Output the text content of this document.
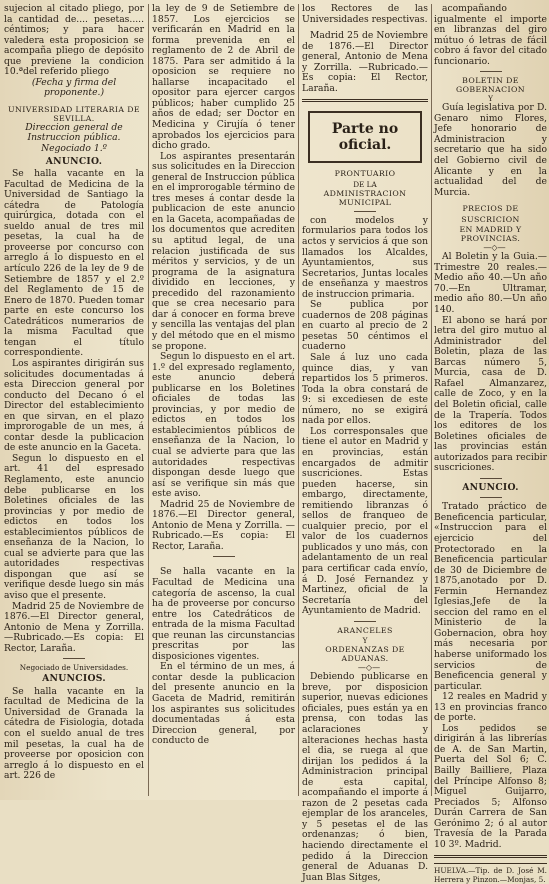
sujecion al citado pliego, por la cantidad de.... pesetas..... céntimos; y para hacer valedera esta proposicion se acompaña pliego de depósito que previene la condicion 10.ªdel referido pliego

(Fecha y firma del proponente.)

UNIVERSIDAD LITERARIA DE

SEVILLA.

Direccion general de Instruccion pública.

Negociado 1.º

ANUNCIO.

Se halla vacante en la Facultad de Medicina de la Universidad de Santiago la cátedra de Patología quirúrgica, dotada con el sueldo anual de tres mil pesetas, la cual ha de proveerse por concurso con arreglo á lo dispuesto en el artículo 226 de la ley de 9 de Setiembre de 1857 y el 2.º del Reglamento de 15 de Enero de 1870. Pueden tomar parte en este concurso los Catedráticos numerarios de la misma Facultad que tengan el título correspondiente.

Los aspirantes dirigirán sus solicitudes documentadas á esta Direccion general por conducto del Decano ó el Director del establecimiento en que sirvan, en el plazo improrogable de un mes, á contar desde la publicacion de este anuncio en la Gaceta.

Segun lo dispuesto en el art. 41 del espresado Reglamento, este anuncio debe publicarse en los Boletines oficiales de las provincias y por medio de edictos en todos los establecimientos públicos de enseñanza de la Nacion, lo cual se advierte para que las autoridades respectivas dispongan que así se verifique desde luego sin más aviso que el presente.

Madrid 25 de Noviembre de 1876.—El Director general, Antonio de Mena y Zorrilla. —Rubricado.—Es copia: El Rector, Laraña.

Negociado de Universidades.

ANUNCIOS.

Se halla vacante en la facultad de Medicina de la Universidad de Granada la cátedra de Fisiologia, dotada con el sueldo anual de tres mil pesetas, la cual ha de proveerse por oposicion con arreglo á lo dispuesto en el art. 226 de

la ley de 9 de Setiembre de 1857. Los ejercicios se verificarán en Madrid en la forma prevenida en el reglamento de 2 de Abril de 1875. Para ser admitido á la oposicion se requiere no hallarse incapacitado el opositor para ejercer cargos públicos; haber cumplido 25 años de edad; ser Doctor en Medicina y Cirujía ó tener aprobados los ejercicios para dicho grado.

Los aspirantes presentarán sus solicitudes en la Direccion general de Instruccion pública en el improrogable término de tres meses á contar desde la publicacion de este anuncio en la Gaceta, acompañadas de los documentos que acrediten su aptitud legal, de una relacion justificada de sus méritos y servicios, y de un programa de la asignatura dividido en lecciones, y precedido del razonamiento que se crea necesario para dar á conocer en forma breve y sencilla las ventajas del plan y del método que en el mismo se propone.

Segun lo dispuesto en el art. 1.º del expresado reglamento, este anuncio deberá publicarse en los Boletines oficiales de todas las provincias, y por medio de edictos en todos los establecimientos públicos de enseñanza de la Nacion, lo cual se advierte para que las autoridades respectivas dispongan desde luego que así se verifique sin más que este aviso.

Madrid 25 de Noviembre de 1876.—El Director general, Antonio de Mena y Zorrilla. —Rubricado.—Es copia: El Rector, Laraña.

Se halla vacante en la Facultad de Medicina una categoría de ascenso, la cual ha de proveerse por concurso entre los Catedráticos de entrada de la misma Facultad que reunan las circunstancias prescritas por las disposiciones vigentes.

En el término de un mes, á contar desde la publicacion del presente anuncio en la Gaceta de Madrid, remitirán los aspirantes sus solicitudes documentadas á esta Direccion general, por conducto de

los Rectores de las Universidades respectivas.

Madrid 25 de Noviembre de 1876.—El Director general, Antonio de Mena y Zorrilla. —Rubricado.—Es copia: El Rector, Laraña.

Parte no oficial.

PRONTUARIO

DE LA

ADMINISTRACION MUNICIPAL

con modelos y formularios para todos los actos y servicios á que son llamados los Alcaldes, Ayuntamientos, sus Secretarios, Juntas locales de enseñanza y maestros de instruccion primaria.

Se publica por cuadernos de 208 páginas en cuarto al precio de 2 pesetas 50 céntimos el cuaderno

Sale á luz uno cada quince dias, y van repartidos los 5 primeros. Toda la obra constará de 9: si excediesen de este número, no se exigirá nada por ellos.

Los corresponsales que tiene el autor en Madrid y en provincias, están encargados de admitir suscriciones. Estas pueden hacerse, sin embargo, directamente, remitiendo libranzas ó sellos de franqueo de cualquier precio, por el valor de los cuadernos publicados y uno más, con adelantamento de un real para certificar cada envío, á D. José Fernandez y Martinez, oficial de la Secretaría del Ayuntamiento de Madrid.

ARANCELES

Y

ORDENANZAS DE ADUANAS.

—◇—

Debiendo publicarse en breve, por disposicion superior, nuevas ediciones oficiales, pues están ya en prensa, con todas las aclaraciones y alteraciones hechas hasta el dia, se ruega al que dirijan los pedidos á la Administracion principal de esta capital, acompañando el importe á razon de 2 pesetas cada ejemplar de los aranceles, y 5 pesetas el de las ordenanzas; ó bien, haciendo directamente el pedido á la Direccion general de Aduanas D. Juan Blas Sitges,

acompañando igualmente el importe en libranzas del giro mútuo ó letras de fácil cobro á favor del citado funcionario.

BOLETIN DE GOBERNACION

Y

Guía legislativa por D. Genaro nimo Flores, Jefe honorario de Administracion y secretario que ha sido del Gobierno civil de Alicante y en la actualidad del de Murcia.

PRECIOS DE SUSCRICION

EN MADRID Y PROVINCIAS.

—◇—

Al Boletin y la Guia.—Trimestre 20 reales.—Medio año 40.—Un año 70.—En Ultramar, medio año 80.—Un año 140.

El abono se hará por letra del giro mutuo al Administrador del Boletin, plaza de las Barcas número 5, Murcia, casa de D. Rafael Almanzarez, calle de Zoco, y en la del Boletin oficial, calle de la Trapería. Todos los editores de los Boletines oficiales de las provincias están autorizados para recibir suscriciones.

ANUNCIO.

Tratado práctico de Beneficencia particular, «Instruccion para el ejercicio del Protectorado en la Beneficencia particular de 30 de Diciembre de 1875,anotado por D. Fermin Hernandez Iglesias,Jefe de la seccion del ramo en el Ministerio de la Gobernacion, obra hoy más necesaria por haberse uniformado los servicios de Beneficencia general y particular.

12 reales en Madrid y 13 en provincias franco de porte.

Los pedidos se dirigirán á las librerías de A. de San Martin, Puerta del Sol 6; C. Bailly Bailliere, Plaza del Príncipe Alfonso 8; Miguel Guijarro, Preciados 5; Alfonso Durán Carrera de San Gerónimo 2; ó al autor Travesía de la Parada 10 3º. Madrid.

HUELVA.—Tip. de D. José M. Herrera y Pinzon.—Monjas, 5.
